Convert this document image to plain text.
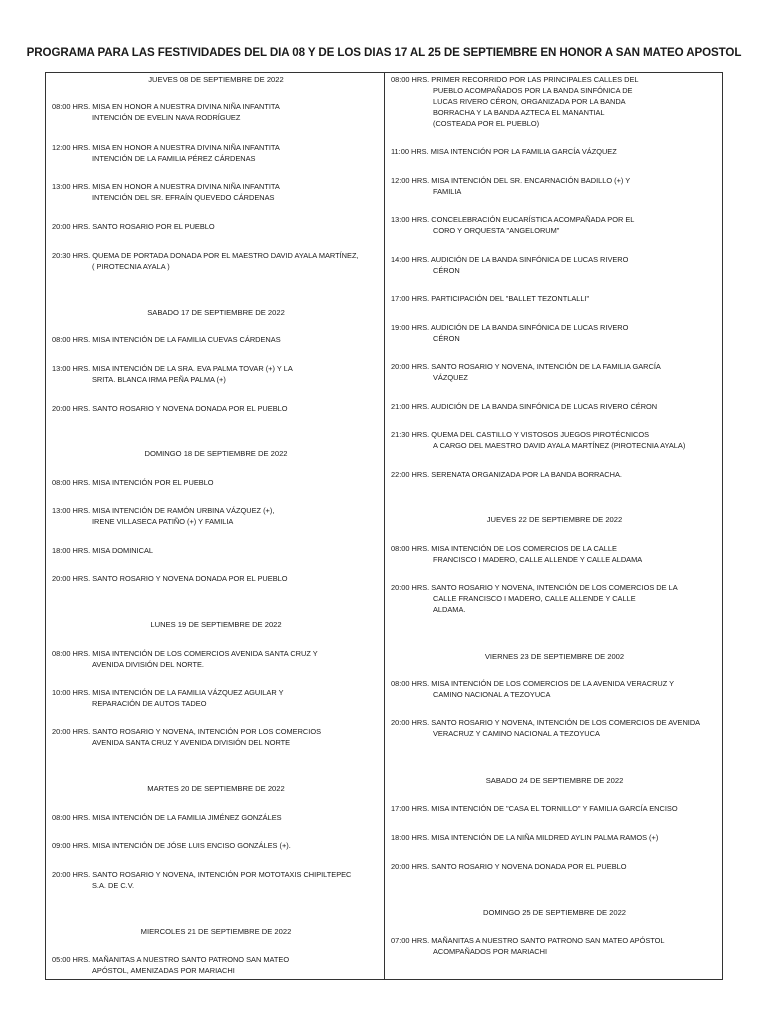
PROGRAMA PARA LAS FESTIVIDADES DEL DIA 08 Y DE LOS DIAS 17 AL 25 DE SEPTIEMBRE EN HONOR A SAN MATEO APOSTOL
JUEVES 08 DE SEPTIEMBRE DE 2022
08:00 HRS. MISA EN HONOR A NUESTRA DIVINA NIÑA INFANTITA
INTENCIÓN DE EVELIN NAVA RODRÍGUEZ
12:00 HRS. MISA EN HONOR A NUESTRA DIVINA NIÑA INFANTITA
INTENCIÓN DE LA FAMILIA PÉREZ CÁRDENAS
13:00 HRS. MISA EN HONOR A NUESTRA DIVINA NIÑA INFANTITA
INTENCIÓN DEL SR. EFRAÍN QUEVEDO CÁRDENAS
20:00 HRS. SANTO ROSARIO POR EL PUEBLO
20:30 HRS. QUEMA DE PORTADA DONADA POR EL MAESTRO DAVID AYALA MARTÍNEZ,
( PIROTECNIA AYALA )
SABADO 17 DE SEPTIEMBRE DE 2022
08:00 HRS. MISA INTENCIÓN DE LA FAMILIA CUEVAS CÁRDENAS
13:00 HRS. MISA INTENCIÓN DE LA SRA. EVA PALMA TOVAR (+) Y LA
SRITA. BLANCA IRMA PEÑA PALMA (+)
20:00 HRS. SANTO ROSARIO Y NOVENA DONADA POR EL PUEBLO
DOMINGO 18 DE SEPTIEMBRE DE 2022
08:00 HRS. MISA INTENCIÓN POR EL PUEBLO
13:00 HRS. MISA INTENCIÓN DE RAMÓN URBINA VÁZQUEZ (+),
IRENE VILLASECA PATIÑO (+) Y FAMILIA
18:00 HRS. MISA DOMINICAL
20:00 HRS. SANTO ROSARIO Y NOVENA DONADA POR EL PUEBLO
LUNES 19 DE SEPTIEMBRE DE 2022
08:00 HRS. MISA INTENCIÓN DE LOS COMERCIOS AVENIDA SANTA CRUZ Y
AVENIDA DIVISIÓN DEL NORTE.
10:00 HRS. MISA INTENCIÓN DE LA FAMILIA VÁZQUEZ AGUILAR Y
REPARACIÓN DE AUTOS TADEO
20:00 HRS. SANTO ROSARIO Y NOVENA, INTENCIÓN POR LOS COMERCIOS
AVENIDA SANTA CRUZ Y AVENIDA DIVISIÓN DEL NORTE
MARTES 20 DE SEPTIEMBRE DE 2022
08:00 HRS. MISA INTENCIÓN DE LA FAMILIA JIMÉNEZ GONZÁLES
09:00 HRS. MISA INTENCIÓN DE JÓSE LUIS ENCISO GONZÁLES (+).
20:00 HRS. SANTO ROSARIO Y NOVENA, INTENCIÓN POR MOTOTAXIS CHIPILTEPEC
S.A. DE C.V.
MIERCOLES 21 DE SEPTIEMBRE DE 2022
05:00 HRS. MAÑANITAS A NUESTRO SANTO PATRONO SAN MATEO
APÓSTOL, AMENIZADAS POR MARIACHI
08:00 HRS. PRIMER RECORRIDO POR LAS PRINCIPALES CALLES DEL
PUEBLO ACOMPAÑADOS POR LA BANDA SINFÓNICA DE
LUCAS RIVERO CÉRON, ORGANIZADA POR LA BANDA
BORRACHA Y LA BANDA AZTECA EL MANANTIAL
(COSTEADA POR EL PUEBLO)
11:00 HRS. MISA INTENCIÓN POR LA FAMILIA GARCÍA VÁZQUEZ
12:00 HRS. MISA INTENCIÓN DEL SR. ENCARNACIÓN BADILLO (+) Y
FAMILIA
13:00 HRS. CONCELEBRACIÓN EUCARÍSTICA ACOMPAÑADA POR EL
CORO Y ORQUESTA "ANGELORUM"
14:00 HRS. AUDICIÓN DE LA BANDA SINFÓNICA DE LUCAS RIVERO
CÉRON
17:00 HRS. PARTICIPACIÓN DEL "BALLET TEZONTLALLI"
19:00 HRS. AUDICIÓN DE LA BANDA SINFÓNICA DE LUCAS RIVERO
CÉRON
20:00 HRS. SANTO ROSARIO Y NOVENA, INTENCIÓN DE LA FAMILIA GARCÍA
VÁZQUEZ
21:00 HRS. AUDICIÓN DE LA BANDA SINFÓNICA DE LUCAS RIVERO CÉRON
21:30 HRS. QUEMA DEL CASTILLO Y VISTOSOS JUEGOS PIROTÉCNICOS
A CARGO DEL MAESTRO DAVID AYALA MARTÍNEZ (PIROTECNIA AYALA)
22:00 HRS. SERENATA ORGANIZADA POR LA BANDA BORRACHA.
JUEVES 22 DE SEPTIEMBRE DE 2022
08:00 HRS. MISA INTENCIÓN DE LOS COMERCIOS DE LA CALLE
FRANCISCO I MADERO, CALLE ALLENDE Y CALLE ALDAMA
20:00 HRS. SANTO ROSARIO Y NOVENA, INTENCIÓN DE LOS COMERCIOS DE LA
CALLE FRANCISCO I MADERO, CALLE ALLENDE Y CALLE
ALDAMA.
VIERNES 23 DE SEPTIEMBRE DE 2002
08:00 HRS. MISA INTENCIÓN DE LOS COMERCIOS DE LA AVENIDA VERACRUZ Y
CAMINO NACIONAL A TEZOYUCA
20:00 HRS. SANTO ROSARIO Y NOVENA, INTENCIÓN DE LOS COMERCIOS DE AVENIDA
VERACRUZ Y CAMINO NACIONAL A TEZOYUCA
SABADO 24 DE SEPTIEMBRE DE 2022
17:00 HRS. MISA INTENCIÓN DE "CASA EL TORNILLO" Y FAMILIA GARCÍA ENCISO
18:00 HRS. MISA INTENCIÓN DE LA NIÑA MILDRED AYLIN PALMA RAMOS (+)
20:00 HRS. SANTO ROSARIO Y NOVENA DONADA POR EL PUEBLO
DOMINGO 25 DE SEPTIEMBRE DE 2022
07:00 HRS. MAÑANITAS A NUESTRO SANTO PATRONO SAN MATEO APÓSTOL
ACOMPAÑADOS POR MARIACHI
